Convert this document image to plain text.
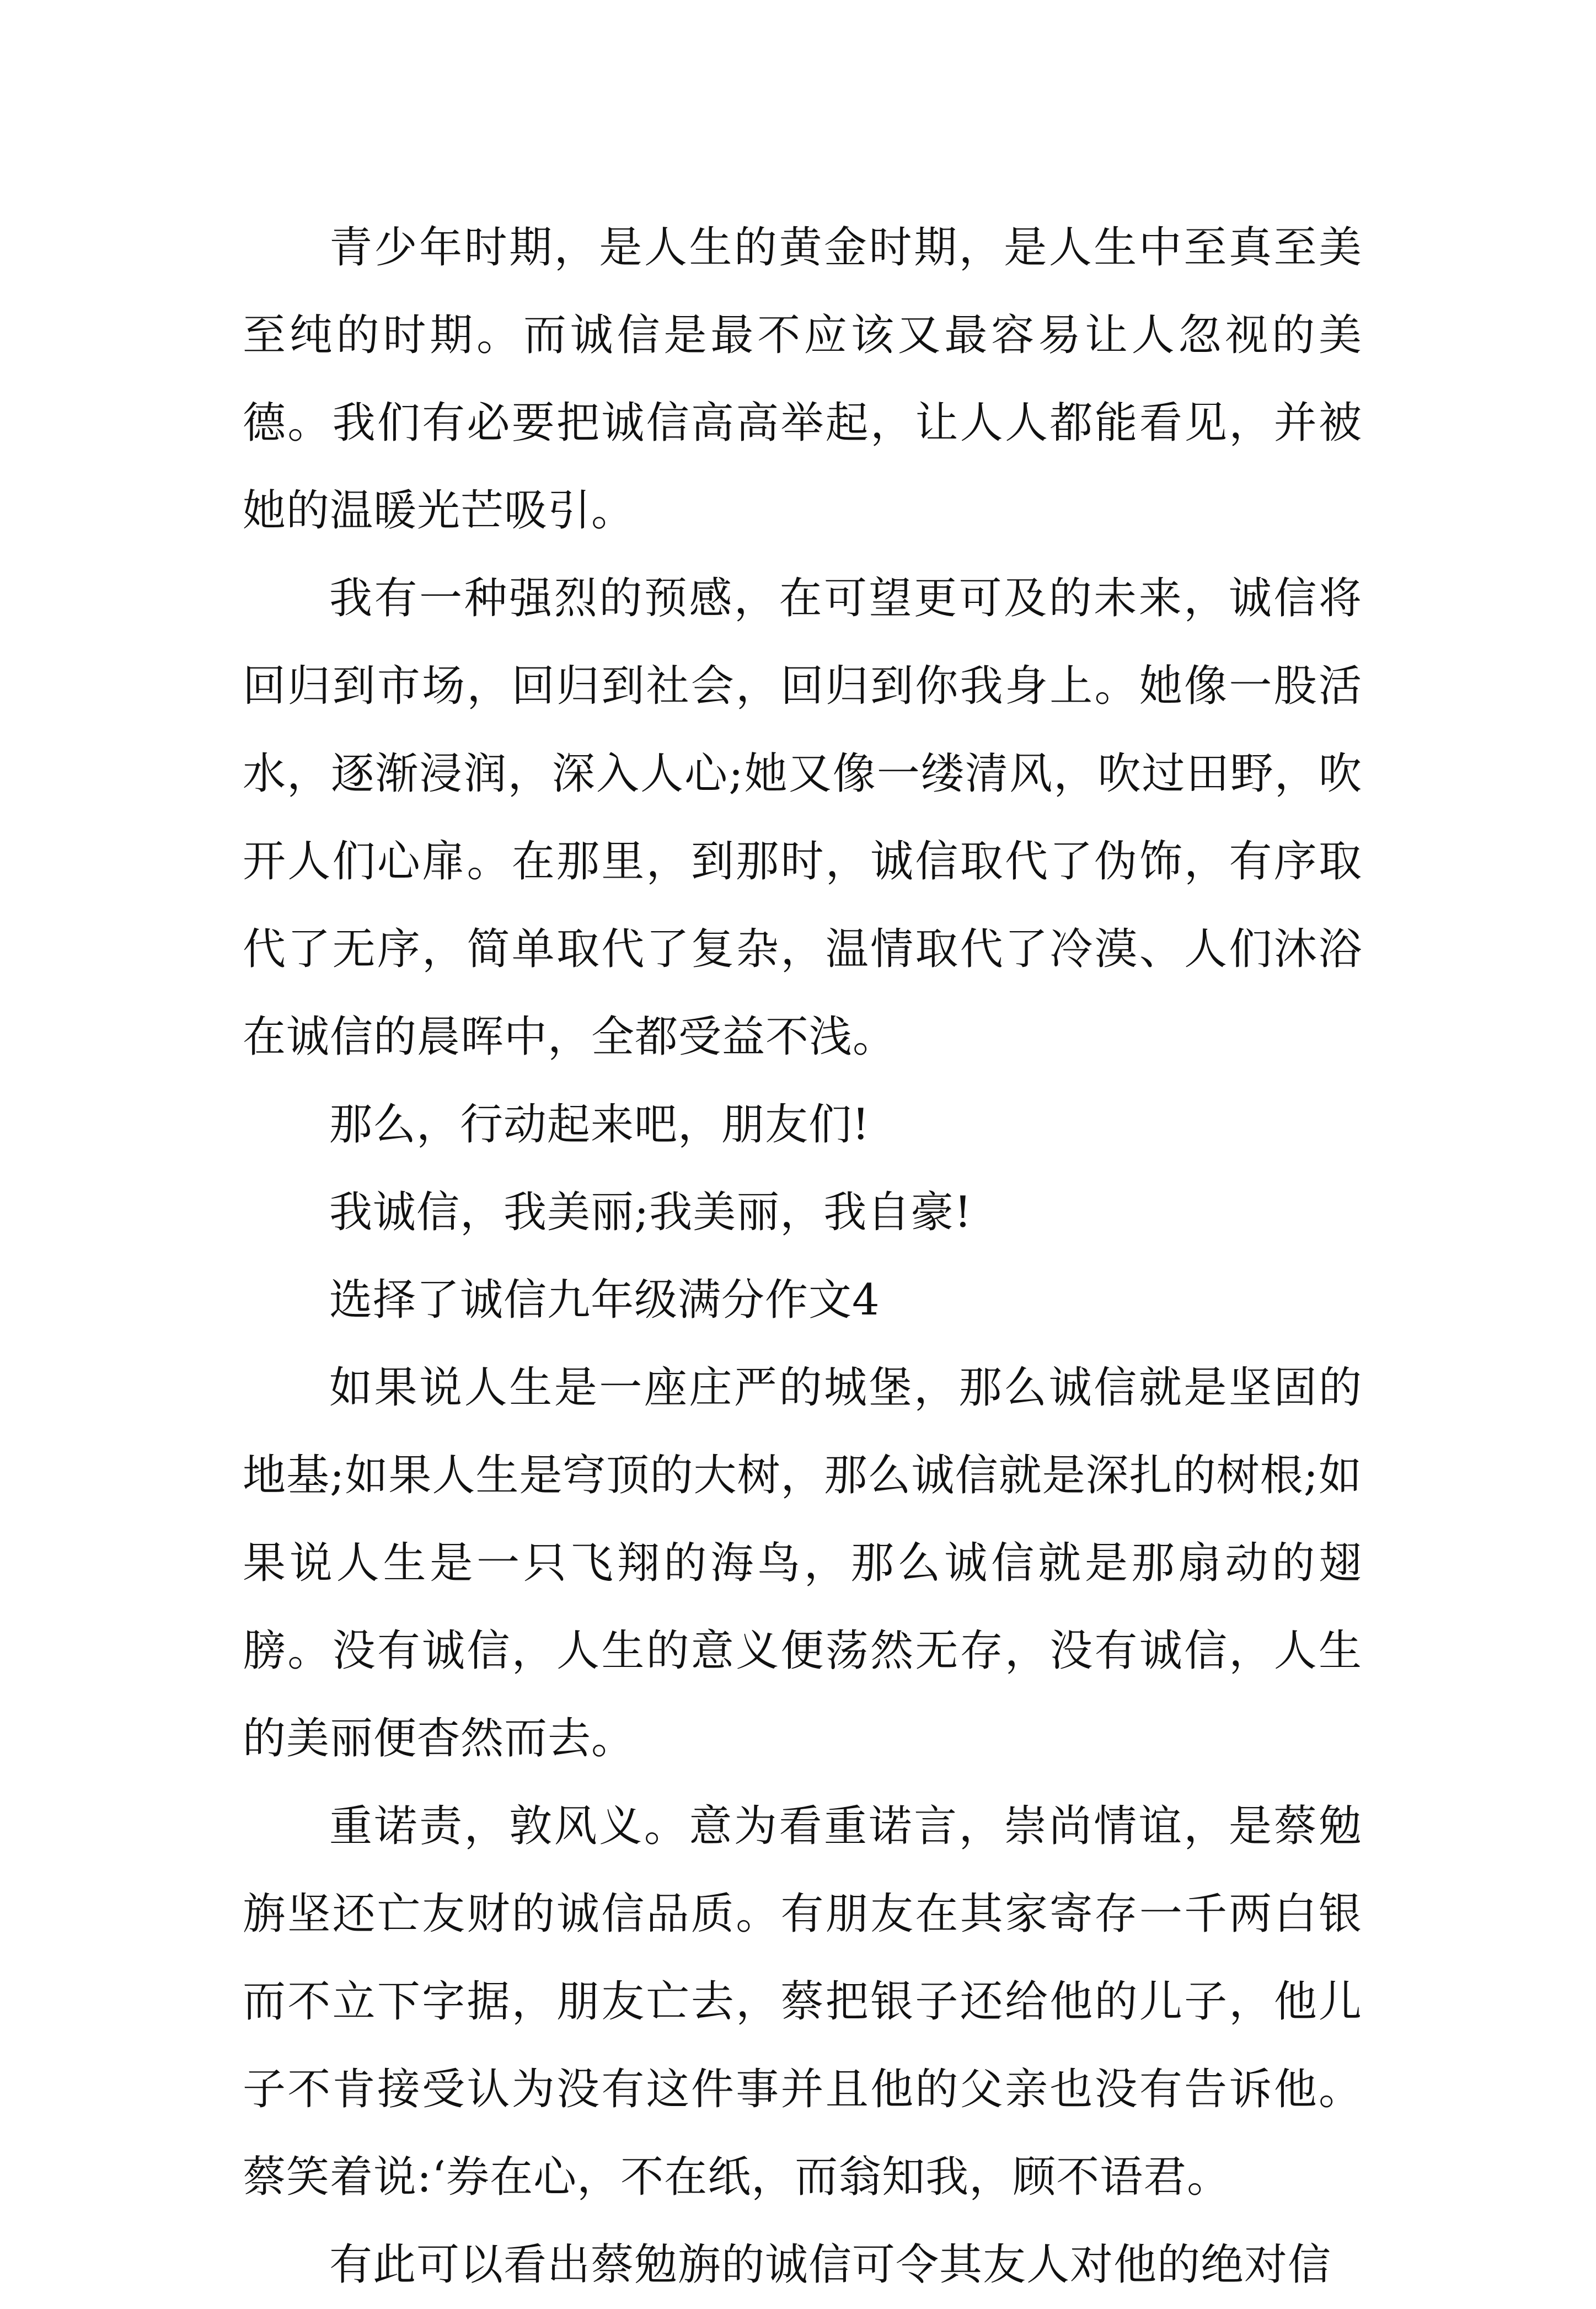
青少年时期，是人生的黄金时期，是人生中至真至美至纯的时期。而诚信是最不应该又最容易让人忽视的美德。我们有必要把诚信高高举起，让人人都能看见，并被她的温暖光芒吸引。

我有一种强烈的预感，在可望更可及的未来，诚信将回归到市场，回归到社会，回归到你我身上。她像一股活水，逐渐浸润，深入人心;她又像一缕清风，吹过田野，吹开人们心扉。在那里，到那时，诚信取代了伪饰，有序取代了无序，简单取代了复杂，温情取代了冷漠、人们沐浴在诚信的晨晖中，全都受益不浅。

那么，行动起来吧，朋友们!

我诚信，我美丽;我美丽，我自豪!

选择了诚信九年级满分作文4

如果说人生是一座庄严的城堡，那么诚信就是坚固的地基;如果人生是穹顶的大树，那么诚信就是深扎的树根;如果说人生是一只飞翔的海鸟，那么诚信就是那扇动的翅膀。没有诚信，人生的意义便荡然无存，没有诚信，人生的美丽便杳然而去。

重诺责，敦风义。意为看重诺言，崇尚情谊，是蔡勉旃坚还亡友财的诚信品质。有朋友在其家寄存一千两白银而不立下字据，朋友亡去，蔡把银子还给他的儿子，他儿子不肯接受认为没有这件事并且他的父亲也没有告诉他。蔡笑着说:‘券在心，不在纸，而翁知我，顾不语君。

有此可以看出蔡勉旃的诚信可令其友人对他的绝对信
